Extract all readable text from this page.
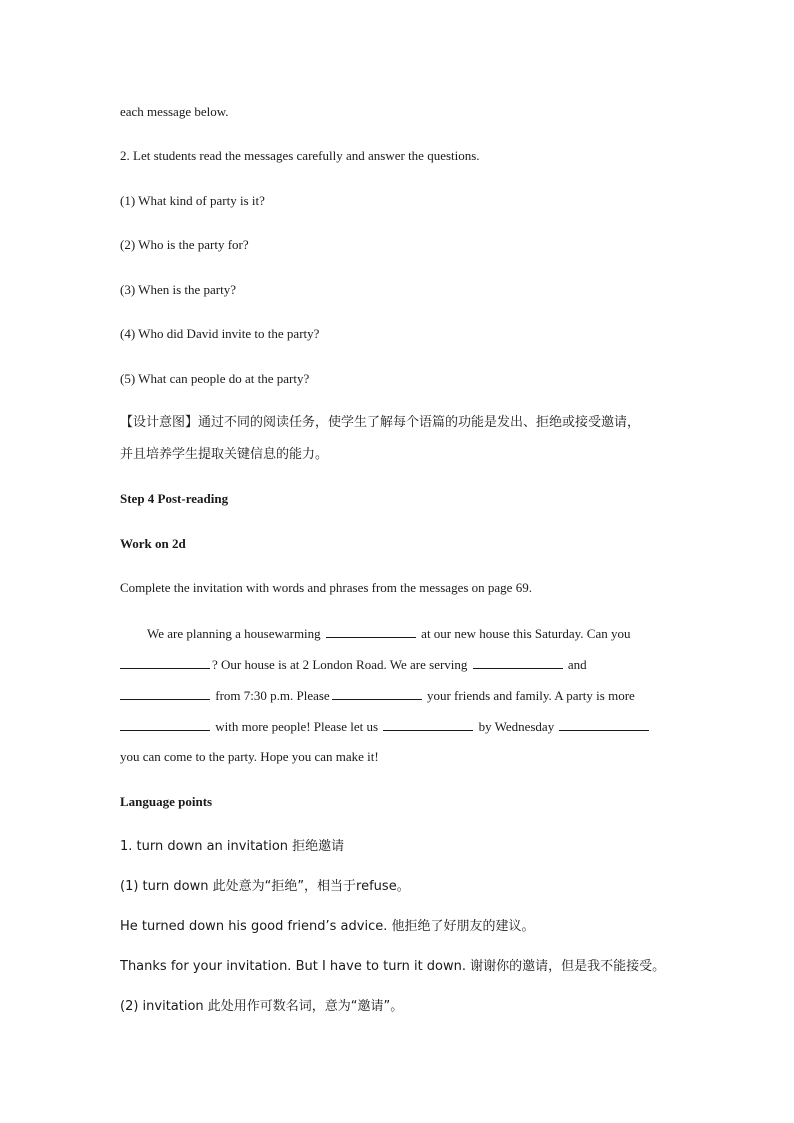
each message below.
2. Let students read the messages carefully and answer the questions.
(1) What kind of party is it?
(2) Who is the party for?
(3) When is the party?
(4) Who did David invite to the party?
(5) What can people do at the party?
【设计意图】通过不同的阅读任务，使学生了解每个语篇的功能是发出、拒绝或接受邀请，
并且培养学生提取关键信息的能力。
Step 4 Post-reading
Work on 2d
Complete the invitation with words and phrases from the messages on page 69.
We are planning a housewarming	at our new house this Saturday. Can you
? Our house is at 2 London Road. We are serving	and
from 7:30 p.m. Please	your friends and family. A party is more
with more people! Please let us	by Wednesday
you can come to the party. Hope you can make it!
Language points
1. turn down an invitation 拒绝邀请
(1) turn down 此处意为“拒绝”，相当于refuse。
He turned down his good friend’s advice. 他拒绝了好朋友的建议。
Thanks for your invitation. But I have to turn it down. 谢谢你的邀请，但是我不能接受。
(2) invitation 此处用作可数名词，意为“邀请”。
